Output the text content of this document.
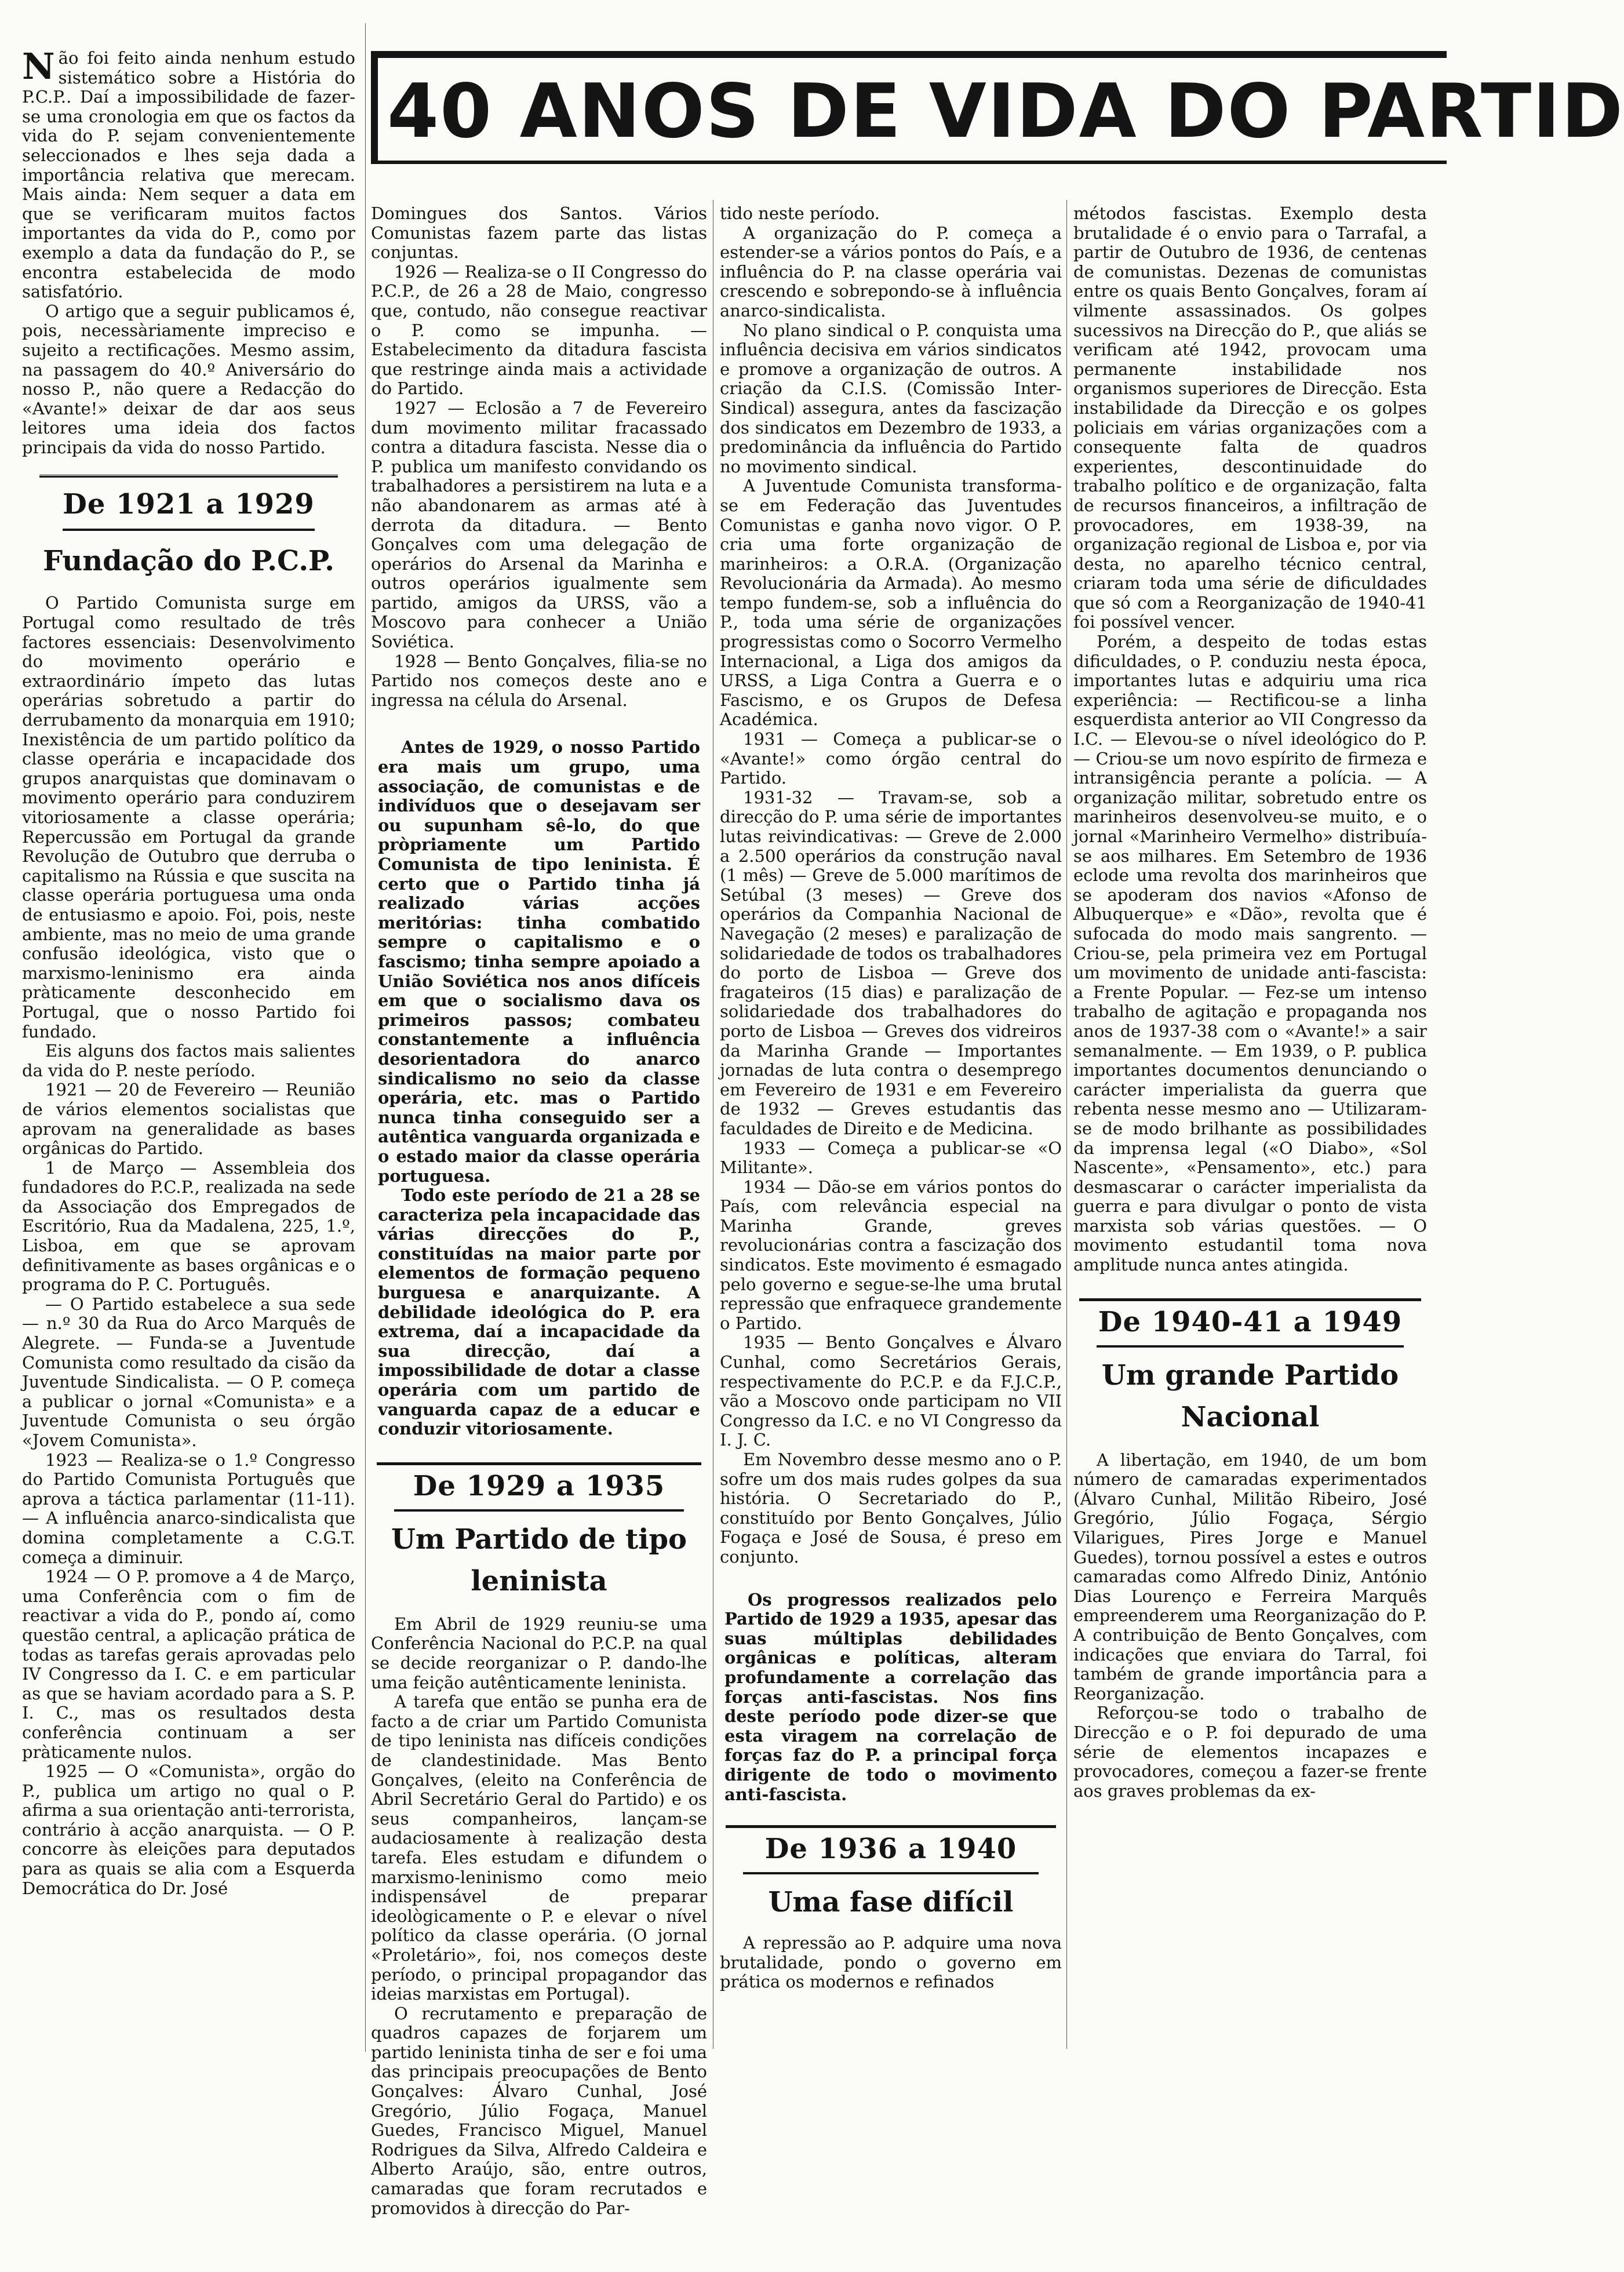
40 ANOS DE VIDA DO PARTID

Não foi feito ainda nenhum estudo sistemático sobre a História do P.C.P.. Daí a impossibilidade de fazer-se uma cronologia em que os factos da vida do P. sejam convenientemente seleccionados e lhes seja dada a importância relativa que merecam. Mais ainda: Nem sequer a data em que se verificaram muitos factos importantes da vida do P., como por exemplo a data da fundação do P., se encontra estabelecida de modo satisfatório.

O artigo que a seguir publicamos é, pois, necessàriamente impreciso e sujeito a rectificações. Mesmo assim, na passagem do 40.º Aniversário do nosso P., não quere a Redacção do «Avante!» deixar de dar aos seus leitores uma ideia dos factos principais da vida do nosso Partido.

De 1921 a 1929
Fundação do P.C.P.

O Partido Comunista surge em Portugal como resultado de três factores essenciais: Desenvolvimento do movimento operário e extraordinário ímpeto das lutas operárias sobretudo a partir do derrubamento da monarquia em 1910; Inexistência de um partido político da classe operária e incapacidade dos grupos anarquistas que dominavam o movimento operário para conduzirem vitoriosamente a classe operária; Repercussão em Portugal da grande Revolução de Outubro que derruba o capitalismo na Rússia e que suscita na classe operária portuguesa uma onda de entusiasmo e apoio. Foi, pois, neste ambiente, mas no meio de uma grande confusão ideológica, visto que o marxismo-leninismo era ainda pràticamente desconhecido em Portugal, que o nosso Partido foi fundado.

Eis alguns dos factos mais salientes da vida do P. neste período.

1921 — 20 de Fevereiro — Reunião de vários elementos socialistas que aprovam na generalidade as bases orgânicas do Partido.

1 de Março — Assembleia dos fundadores do P.C.P., realizada na sede da Associação dos Empregados de Escritório, Rua da Madalena, 225, 1.º, Lisboa, em que se aprovam definitivamente as bases orgânicas e o programa do P. C. Português.

— O Partido estabelece a sua sede — n.º 30 da Rua do Arco Marquês de Alegrete. — Funda-se a Juventude Comunista como resultado da cisão da Juventude Sindicalista. — O P. começa a publicar o jornal «Comunista» e a Juventude Comunista o seu órgão «Jovem Comunista».

1923 — Realiza-se o 1.º Congresso do Partido Comunista Português que aprova a táctica parlamentar (11-11). — A influência anarco-sindicalista que domina completamente a C.G.T. começa a diminuir.

1924 — O P. promove a 4 de Março, uma Conferência com o fim de reactivar a vida do P., pondo aí, como questão central, a aplicação prática de todas as tarefas gerais aprovadas pelo IV Congresso da I. C. e em particular as que se haviam acordado para a S. P. I. C., mas os resultados desta conferência continuam a ser pràticamente nulos.

1925 — O «Comunista», orgão do P., publica um artigo no qual o P. afirma a sua orientação anti-terrorista, contrário à acção anarquista. — O P. concorre às eleições para deputados para as quais se alia com a Esquerda Democrática do Dr. José

Domingues dos Santos. Vários Comunistas fazem parte das listas conjuntas.

1926 — Realiza-se o II Congresso do P.C.P., de 26 a 28 de Maio, congresso que, contudo, não consegue reactivar o P. como se impunha. — Estabelecimento da ditadura fascista que restringe ainda mais a actividade do Partido.

1927 — Eclosão a 7 de Fevereiro dum movimento militar fracassado contra a ditadura fascista. Nesse dia o P. publica um manifesto convidando os trabalhadores a persistirem na luta e a não abandonarem as armas até à derrota da ditadura. — Bento Gonçalves com uma delegação de operários do Arsenal da Marinha e outros operários igualmente sem partido, amigos da URSS, vão a Moscovo para conhecer a União Soviética.

1928 — Bento Gonçalves, filia-se no Partido nos começos deste ano e ingressa na célula do Arsenal.

Antes de 1929, o nosso Partido era mais um grupo, uma associação, de comunistas e de indivíduos que o desejavam ser ou supunham sê-lo, do que pròpriamente um Partido Comunista de tipo leninista. É certo que o Partido tinha já realizado várias acções meritórias: tinha combatido sempre o capitalismo e o fascismo; tinha sempre apoiado a União Soviética nos anos difíceis em que o socialismo dava os primeiros passos; combateu constantemente a influência desorientadora do anarco sindicalismo no seio da classe operária, etc. mas o Partido nunca tinha conseguido ser a autêntica vanguarda organizada e o estado maior da classe operária portuguesa.

Todo este período de 21 a 28 se caracteriza pela incapacidade das várias direcções do P., constituídas na maior parte por elementos de formação pequeno burguesa e anarquizante. A debilidade ideológica do P. era extrema, daí a incapacidade da sua direcção, daí a impossibilidade de dotar a classe operária com um partido de vanguarda capaz de a educar e conduzir vitoriosamente.

De 1929 a 1935
Um Partido de tipo leninista

Em Abril de 1929 reuniu-se uma Conferência Nacional do P.C.P. na qual se decide reorganizar o P. dando-lhe uma feição autênticamente leninista.

A tarefa que então se punha era de facto a de criar um Partido Comunista de tipo leninista nas difíceis condições de clandestinidade. Mas Bento Gonçalves, (eleito na Conferência de Abril Secretário Geral do Partido) e os seus companheiros, lançam-se audaciosamente à realização desta tarefa. Eles estudam e difundem o marxismo-leninismo como meio indispensável de preparar ideològicamente o P. e elevar o nível político da classe operária. (O jornal «Proletário», foi, nos começos deste período, o principal propagandor das ideias marxistas em Portugal).

O recrutamento e preparação de quadros capazes de forjarem um partido leninista tinha de ser e foi uma das principais preocupações de Bento Gonçalves: Álvaro Cunhal, José Gregório, Júlio Fogaça, Manuel Guedes, Francisco Miguel, Manuel Rodrigues da Silva, Alfredo Caldeira e Alberto Araújo, são, entre outros, camaradas que foram recrutados e promovidos à direcção do Par-

tido neste período.

A organização do P. começa a estender-se a vários pontos do País, e a influência do P. na classe operária vai crescendo e sobrepondo-se à influência anarco-sindicalista.

No plano sindical o P. conquista uma influência decisiva em vários sindicatos e promove a organização de outros. A criação da C.I.S. (Comissão Inter-Sindical) assegura, antes da fascização dos sindicatos em Dezembro de 1933, a predominância da influência do Partido no movimento sindical.

A Juventude Comunista transforma-se em Federação das Juventudes Comunistas e ganha novo vigor. O P. cria uma forte organização de marinheiros: a O.R.A. (Organização Revolucionária da Armada). Ao mesmo tempo fundem-se, sob a influência do P., toda uma série de organizações progressistas como o Socorro Vermelho Internacional, a Liga dos amigos da URSS, a Liga Contra a Guerra e o Fascismo, e os Grupos de Defesa Académica.

1931 — Começa a publicar-se o «Avante!» como órgão central do Partido.

1931-32 — Travam-se, sob a direcção do P. uma série de importantes lutas reivindicativas: — Greve de 2.000 a 2.500 operários da construção naval (1 mês) — Greve de 5.000 marítimos de Setúbal (3 meses) — Greve dos operários da Companhia Nacional de Navegação (2 meses) e paralização de solidariedade de todos os trabalhadores do porto de Lisboa — Greve dos fragateiros (15 dias) e paralização de solidariedade dos trabalhadores do porto de Lisboa — Greves dos vidreiros da Marinha Grande — Importantes jornadas de luta contra o desemprego em Fevereiro de 1931 e em Fevereiro de 1932 — Greves estudantis das faculdades de Direito e de Medicina.

1933 — Começa a publicar-se «O Militante».

1934 — Dão-se em vários pontos do País, com relevância especial na Marinha Grande, greves revolucionárias contra a fascização dos sindicatos. Este movimento é esmagado pelo governo e segue-se-lhe uma brutal repressão que enfraquece grandemente o Partido.

1935 — Bento Gonçalves e Álvaro Cunhal, como Secretários Gerais, respectivamente do P.C.P. e da F.J.C.P., vão a Moscovo onde participam no VII Congresso da I.C. e no VI Congresso da I. J. C.

Em Novembro desse mesmo ano o P. sofre um dos mais rudes golpes da sua história. O Secretariado do P., constituído por Bento Gonçalves, Júlio Fogaça e José de Sousa, é preso em conjunto.

Os progressos realizados pelo Partido de 1929 a 1935, apesar das suas múltiplas debilidades orgânicas e políticas, alteram profundamente a correlação das forças anti-fascistas. Nos fins deste período pode dizer-se que esta viragem na correlação de forças faz do P. a principal força dirigente de todo o movimento anti-fascista.

De 1936 a 1940
Uma fase difícil

A repressão ao P. adquire uma nova brutalidade, pondo o governo em prática os modernos e refinados

métodos fascistas. Exemplo desta brutalidade é o envio para o Tarrafal, a partir de Outubro de 1936, de centenas de comunistas. Dezenas de comunistas entre os quais Bento Gonçalves, foram aí vilmente assassinados. Os golpes sucessivos na Direcção do P., que aliás se verificam até 1942, provocam uma permanente instabilidade nos organismos superiores de Direcção. Esta instabilidade da Direcção e os golpes policiais em várias organizações com a consequente falta de quadros experientes, descontinuidade do trabalho político e de organização, falta de recursos financeiros, a infiltração de provocadores, em 1938-39, na organização regional de Lisboa e, por via desta, no aparelho técnico central, criaram toda uma série de dificuldades que só com a Reorganização de 1940-41 foi possível vencer.

Porém, a despeito de todas estas dificuldades, o P. conduziu nesta época, importantes lutas e adquiriu uma rica experiência: — Rectificou-se a linha esquerdista anterior ao VII Congresso da I.C. — Elevou-se o nível ideológico do P. — Criou-se um novo espírito de firmeza e intransigência perante a polícia. — A organização militar, sobretudo entre os marinheiros desenvolveu-se muito, e o jornal «Marinheiro Vermelho» distribuía-se aos milhares. Em Setembro de 1936 eclode uma revolta dos marinheiros que se apoderam dos navios «Afonso de Albuquerque» e «Dão», revolta que é sufocada do modo mais sangrento. — Criou-se, pela primeira vez em Portugal um movimento de unidade anti-fascista: a Frente Popular. — Fez-se um intenso trabalho de agitação e propaganda nos anos de 1937-38 com o «Avante!» a sair semanalmente. — Em 1939, o P. publica importantes documentos denunciando o carácter imperialista da guerra que rebenta nesse mesmo ano — Utilizaram-se de modo brilhante as possibilidades da imprensa legal («O Diabo», «Sol Nascente», «Pensamento», etc.) para desmascarar o carácter imperialista da guerra e para divulgar o ponto de vista marxista sob várias questões. — O movimento estudantil toma nova amplitude nunca antes atingida.

De 1940-41 a 1949
Um grande Partido Nacional

A libertação, em 1940, de um bom número de camaradas experimentados (Álvaro Cunhal, Militão Ribeiro, José Gregório, Júlio Fogaça, Sérgio Vilarigues, Pires Jorge e Manuel Guedes), tornou possível a estes e outros camaradas como Alfredo Diniz, António Dias Lourenço e Ferreira Marquês empreenderem uma Reorganização do P. A contribuição de Bento Gonçalves, com indicações que enviara do Tarral, foi também de grande importância para a Reorganização.

Reforçou-se todo o trabalho de Direcção e o P. foi depurado de uma série de elementos incapazes e provocadores, começou a fazer-se frente aos graves problemas da ex-
